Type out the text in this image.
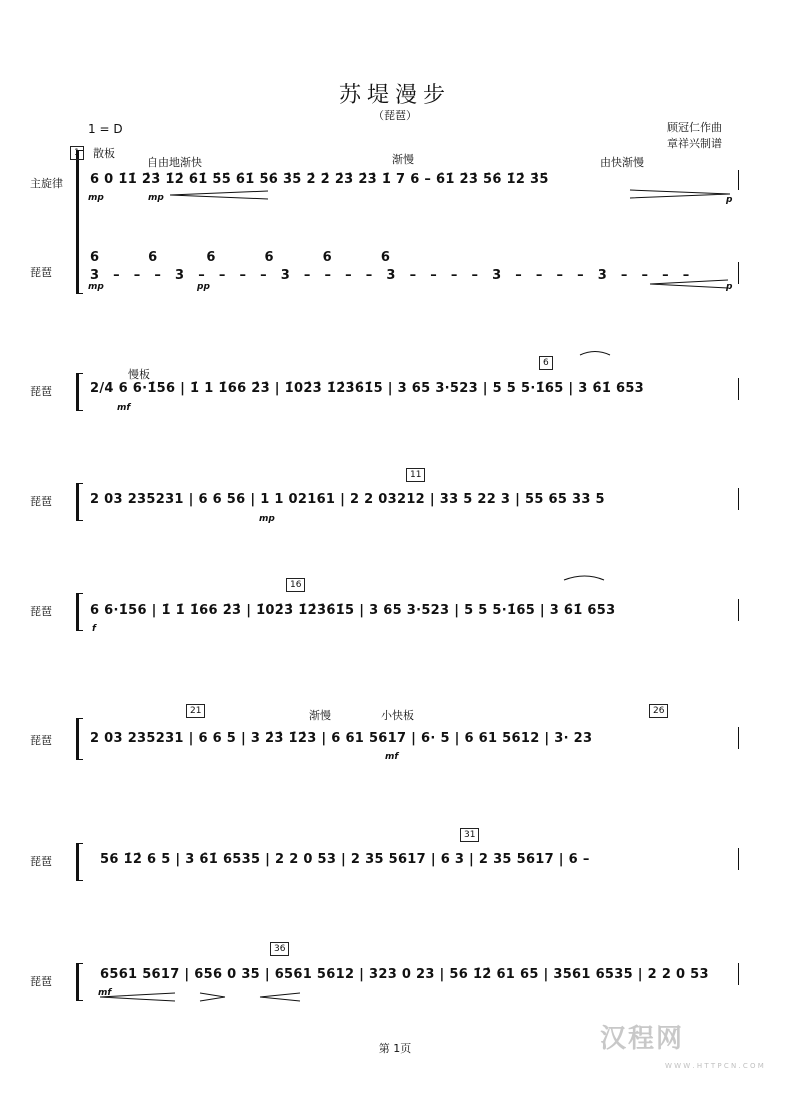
苏堤漫步
（琵琶）
1 = D	顾冠仁作曲
章祥兴制谱
1
主旋律
琵琶
散板
自由地渐快	渐慢	由快渐慢
6 0 1̇1̇ 2̇3̇ 1̇2̇ 6̇1̇ 5̇5̇ 6̇1̇ 5̇6̇ 3̇5̇ 2̇ 2̇ 2̇3̇ 2̇3̇ 1̇ 7 6 – 6̇1̇ 2̇3̇ 5̇6̇ 1̇2̇ 3̇5̇
mp	mp	p
6 6 6 6 6 6
3 – – – 3 – – – – 3 – – – – 3 – – – – 3 – – – – 3 – – – –
mp	pp	p
琵琶
慢板
6
2/4 6 6·1̇56 | 1̇ 1 1̇66 2̇3̇ | 1̇02̇3̇ 1̇2̇3̇6̇1̇5 | 3 65 3·523 | 5 5 5·1̇65 | 3 6̇1̇ 653
mf
琵琶
11
2 03 235231 | 6 6 56 | 1 1 02161 | 2 2 03212 | 33 5 22 3 | 55 65 33 5
mp
琵琶
16
6 6·1̇56 | 1̇ 1̇ 1̇66 2̇3̇ | 1̇02̇3̇ 1̇2̇3̇6̇1̇5 | 3 65 3·523 | 5 5 5·1̇65 | 3 6̇1̇ 653
f
琵琶
21	26
渐慢	小快板
2 03 235231 | 6 6 5 | 3 2̇3̇ 1̇2̇3 | 6 61 5617 | 6· 5 | 6 61 5612 | 3· 23
mf
琵琶
31
56 1̇2̇ 6 5 | 3 6̇1̇ 6535 | 2 2 0 53 | 2 35 5617 | 6 3 | 2 35 5617 | 6 –
琵琶
36
6561 5617 | 656 0 35 | 6561 5612 | 323 0 23 | 56 1̇2̇ 61 65 | 3561 6535 | 2 2 0 53
mf
第 1页	汉程网
W W W . H T T P C N . C O M
